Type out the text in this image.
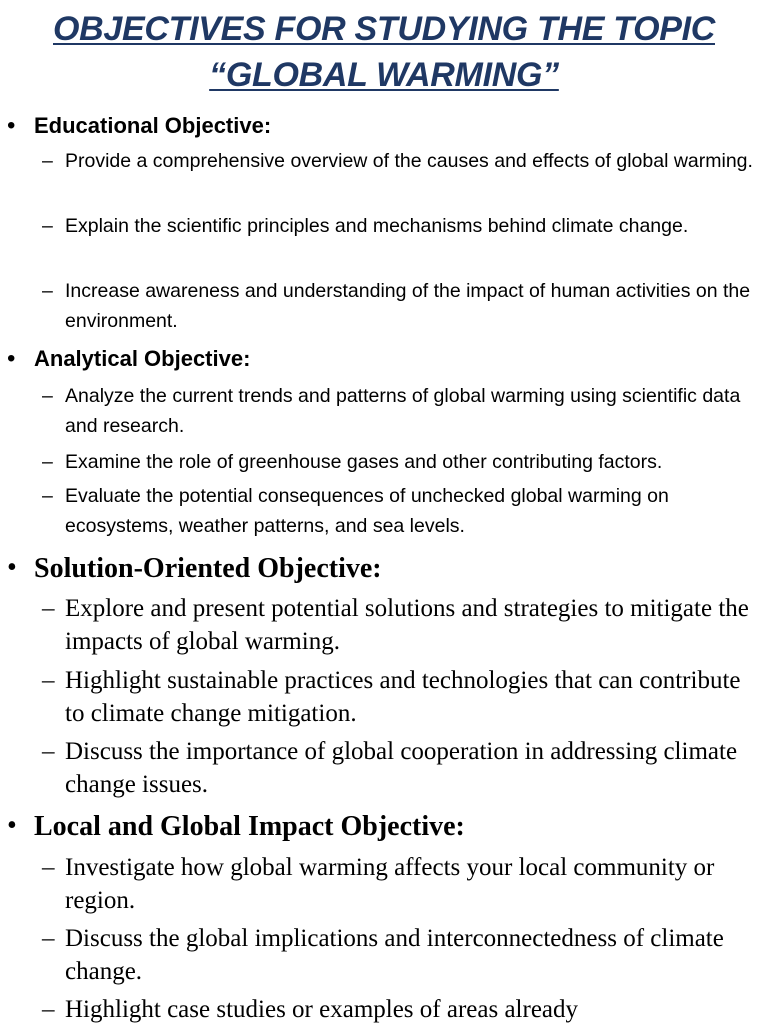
OBJECTIVES FOR STUDYING THE TOPIC
“GLOBAL WARMING”
• Educational Objective:
– Provide a comprehensive overview of the causes and effects of global warming.
– Explain the scientific principles and mechanisms behind climate change.
– Increase awareness and understanding of the impact of human activities on the environment.
• Analytical Objective:
– Analyze the current trends and patterns of global warming using scientific data and research.
– Examine the role of greenhouse gases and other contributing factors.
– Evaluate the potential consequences of unchecked global warming on ecosystems, weather patterns, and sea levels.
• Solution-Oriented Objective:
– Explore and present potential solutions and strategies to mitigate the impacts of global warming.
– Highlight sustainable practices and technologies that can contribute to climate change mitigation.
– Discuss the importance of global cooperation in addressing climate change issues.
• Local and Global Impact Objective:
– Investigate how global warming affects your local community or region.
– Discuss the global implications and interconnectedness of climate change.
– Highlight case studies or examples of areas already
